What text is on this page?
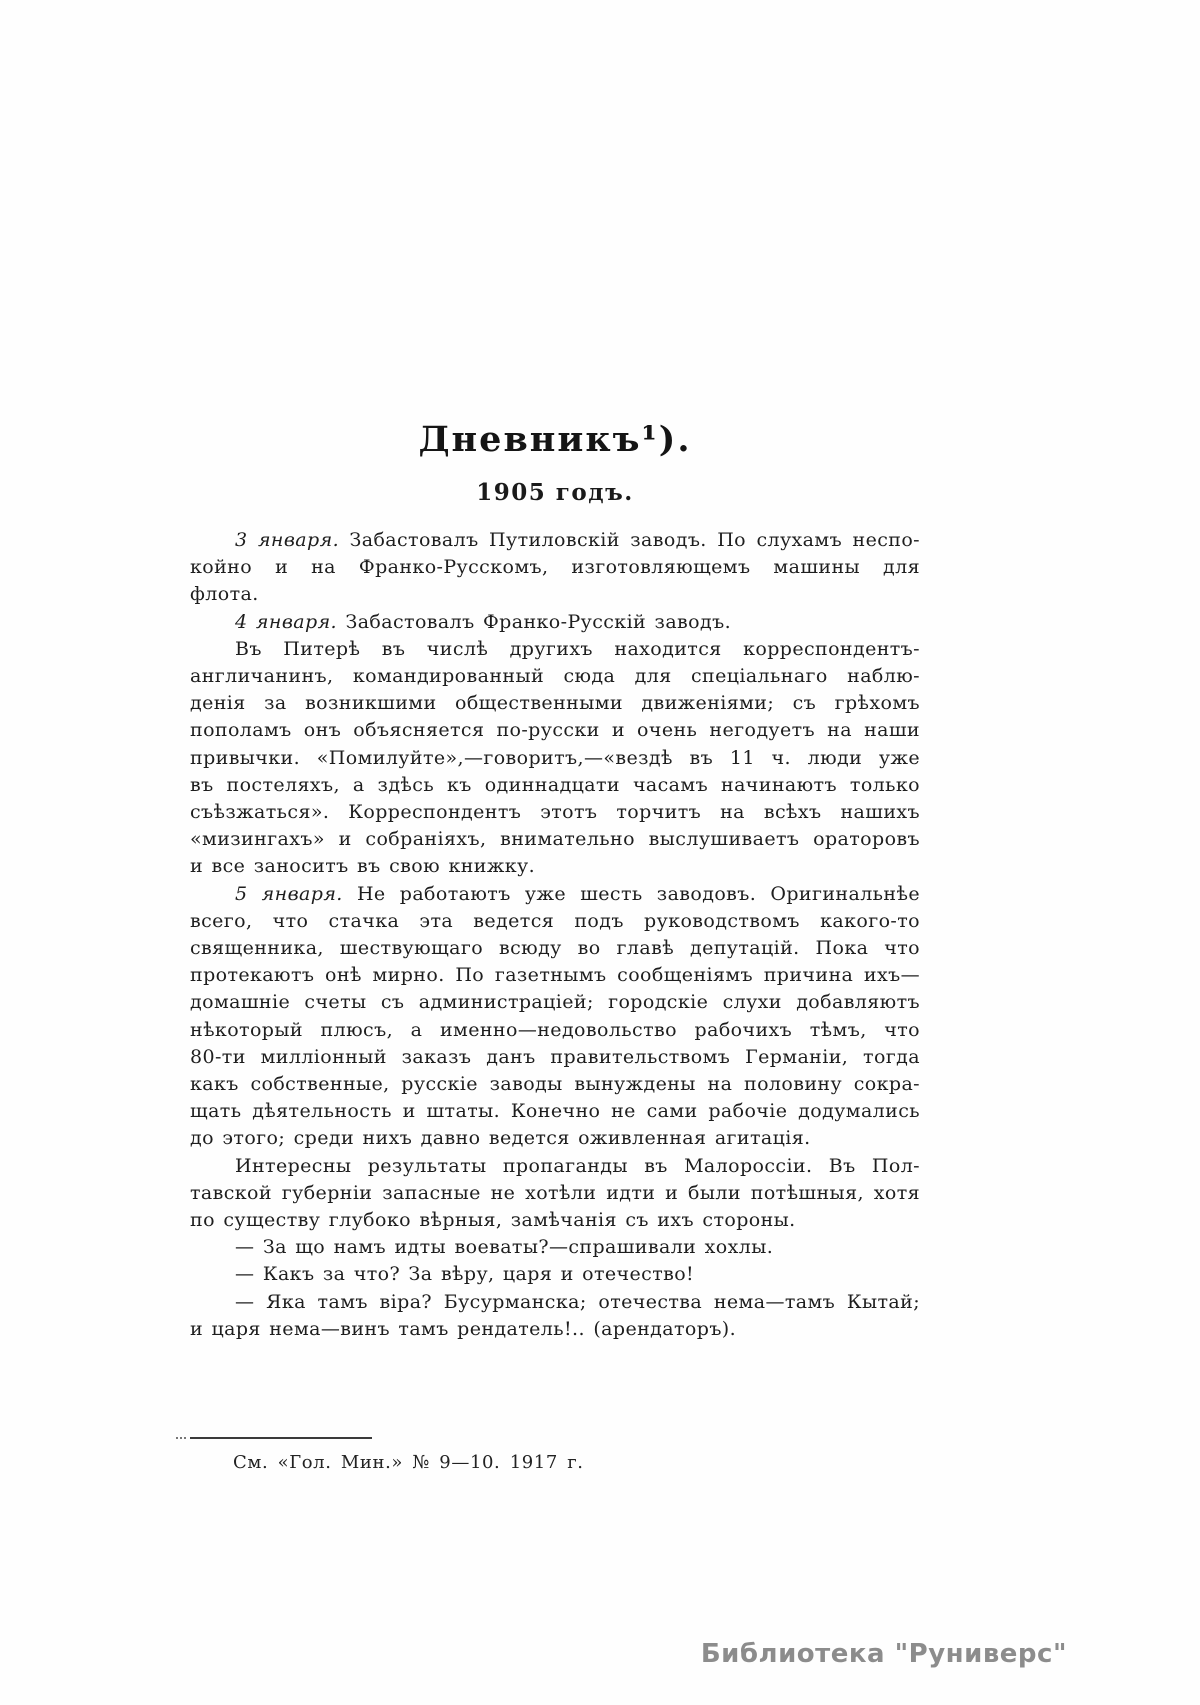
Дневникъ¹).
1905 годъ.
3 января. Забастовалъ Путиловскій заводъ. По слухамъ неспо-
койно и на Франко-Русскомъ, изготовляющемъ машины для
флота.
4 января. Забастовалъ Франко-Русскій заводъ.
Въ Питерѣ въ числѣ другихъ находится корреспондентъ-
англичанинъ, командированный сюда для спеціальнаго наблю-
денія за возникшими общественными движеніями; съ грѣхомъ
пополамъ онъ объясняется по-русски и очень негодуетъ на наши
привычки. «Помилуйте»,—говоритъ,—«вездѣ въ 11 ч. люди уже
въ постеляхъ, а здѣсь къ одиннадцати часамъ начинаютъ только
съѣзжаться». Корреспондентъ этотъ торчитъ на всѣхъ нашихъ
«мизингахъ» и собраніяхъ, внимательно выслушиваетъ ораторовъ
и все заноситъ въ свою книжку.
5 января. Не работаютъ уже шесть заводовъ. Оригинальнѣе
всего, что стачка эта ведется подъ руководствомъ какого-то
священника, шествующаго всюду во главѣ депутацій. Пока что
протекаютъ онѣ мирно. По газетнымъ сообщеніямъ причина ихъ—
домашніе счеты съ администраціей; городскіе слухи добавляютъ
нѣкоторый плюсъ, а именно—недовольство рабочихъ тѣмъ, что
80-ти милліонный заказъ данъ правительствомъ Германіи, тогда
какъ собственные, русскіе заводы вынуждены на половину сокра-
щать дѣятельность и штаты. Конечно не сами рабочіе додумались
до этого; среди нихъ давно ведется оживленная агитація.
Интересны результаты пропаганды въ Малороссіи. Въ Пол-
тавской губерніи запасные не хотѣли идти и были потѣшныя, хотя
по существу глубоко вѣрныя, замѣчанія съ ихъ стороны.
— За що намъ идты воеваты?—спрашивали хохлы.
— Какъ за что? За вѣру, царя и отечество!
— Яка тамъ віра? Бусурманска; отечества нема—тамъ Кытай;
и царя нема—винъ тамъ рендатель!.. (арендаторъ).
См. «Гол. Мин.» № 9—10. 1917 г.
Библиотека "Руниверс"
